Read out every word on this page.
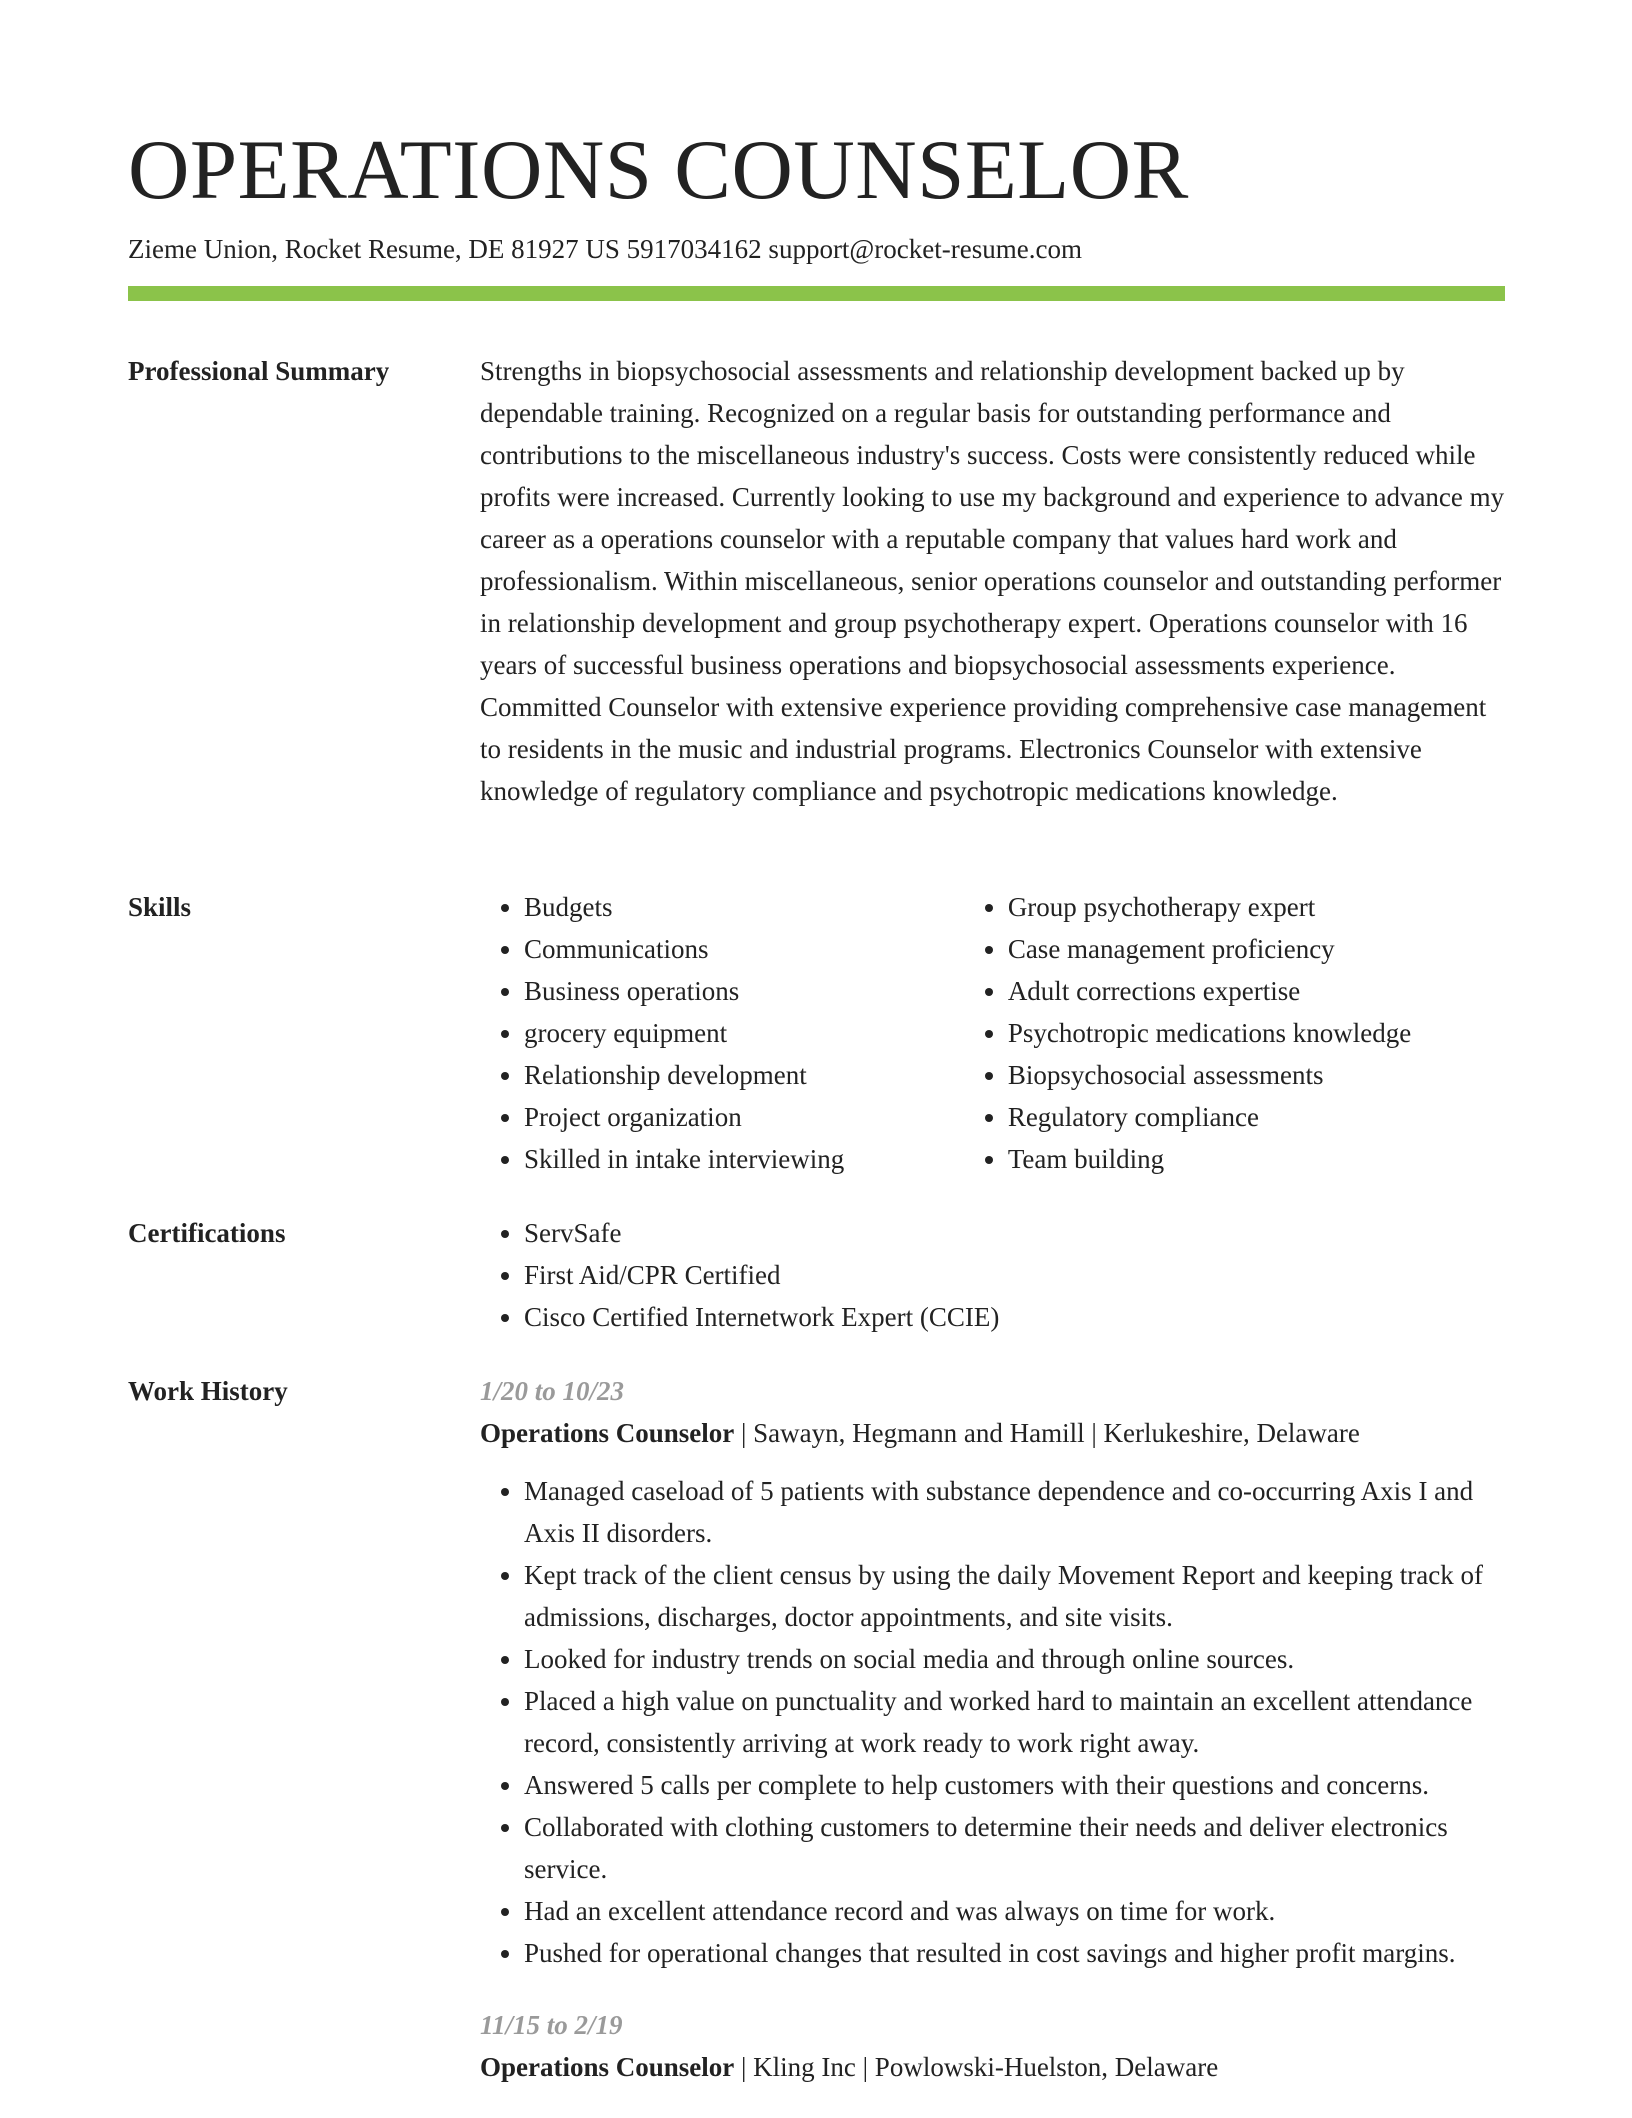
OPERATIONS COUNSELOR
Zieme Union, Rocket Resume, DE 81927 US 5917034162 support@rocket-resume.com
Professional Summary	Strengths in biopsychosocial assessments and relationship development backed up by dependable training. Recognized on a regular basis for outstanding performance and contributions to the miscellaneous industry's success. Costs were consistently reduced while profits were increased. Currently looking to use my background and experience to advance my career as a operations counselor with a reputable company that values hard work and professionalism. Within miscellaneous, senior operations counselor and outstanding performer in relationship development and group psychotherapy expert. Operations counselor with 16 years of successful business operations and biopsychosocial assessments experience. Committed Counselor with extensive experience providing comprehensive case management to residents in the music and industrial programs. Electronics Counselor with extensive knowledge of regulatory compliance and psychotropic medications knowledge.

Skills	• Budgets
• Communications
• Business operations
• grocery equipment
• Relationship development
• Project organization
• Skilled in intake interviewing
• Group psychotherapy expert
• Case management proficiency
• Adult corrections expertise
• Psychotropic medications knowledge
• Biopsychosocial assessments
• Regulatory compliance
• Team building
Certifications	• ServSafe
• First Aid/CPR Certified
• Cisco Certified Internetwork Expert (CCIE)
Work History	1/20 to 10/23
Operations Counselor | Sawayn, Hegmann and Hamill | Kerlukeshire, Delaware
• Managed caseload of 5 patients with substance dependence and co-occurring Axis I and Axis II disorders.
• Kept track of the client census by using the daily Movement Report and keeping track of admissions, discharges, doctor appointments, and site visits.
• Looked for industry trends on social media and through online sources.
• Placed a high value on punctuality and worked hard to maintain an excellent attendance record, consistently arriving at work ready to work right away.
• Answered 5 calls per complete to help customers with their questions and concerns.
• Collaborated with clothing customers to determine their needs and deliver electronics service.
• Had an excellent attendance record and was always on time for work.
• Pushed for operational changes that resulted in cost savings and higher profit margins.
11/15 to 2/19
Operations Counselor | Kling Inc | Powlowski-Huelston, Delaware
